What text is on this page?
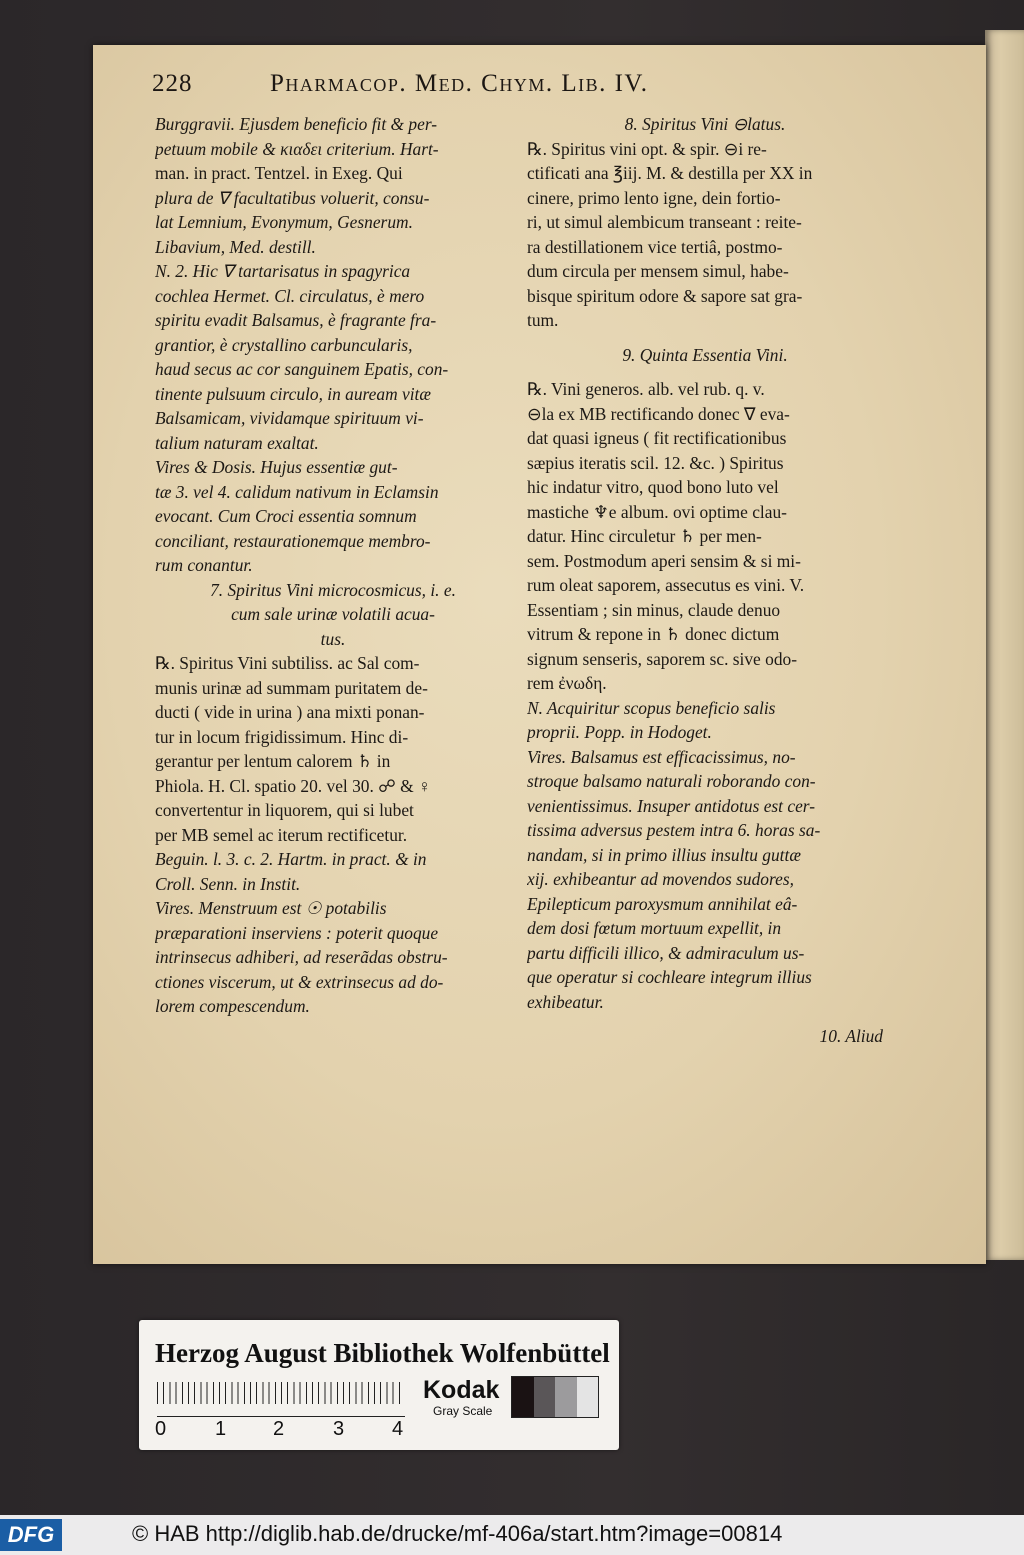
228	Pharmacop. Med. Chym. Lib. IV.
Burggravii. Ejusdem beneficio fit & per-
petuum mobile & κιαδει criterium. Hart-
man. in pract. Tentzel. in Exeg. Qui
plura de ∇ facultatibus voluerit, consu-
lat Lemnium, Evonymum, Gesnerum.
Libavium, Med. destill.
N. 2. Hic ∇ tartarisatus in spagyrica
cochlea Hermet. Cl. circulatus, è mero
spiritu evadit Balsamus, è fragrante fra-
grantior, è crystallino carbuncularis,
haud secus ac cor sanguinem Epatis, con-
tinente pulsuum circulo, in auream vitæ
Balsamicam, vividamque spirituum vi-
talium naturam exaltat.
Vires & Dosis. Hujus essentiæ gut-
tæ 3. vel 4. calidum nativum in Eclamsin
evocant. Cum Croci essentia somnum
conciliant, restaurationemque membro-
rum conantur.
7. Spiritus Vini microcosmicus, i. e.
cum sale urinæ volatili acua-
tus.
℞. Spiritus Vini subtiliss. ac Sal com-
munis urinæ ad summam puritatem de-
ducti ( vide in urina ) ana mixti ponan-
tur in locum frigidissimum. Hinc di-
gerantur per lentum calorem ♄ in
Phiola. H. Cl. spatio 20. vel 30. ☍ & ♀
convertentur in liquorem, qui si lubet
per MB semel ac iterum rectificetur.
Beguin. l. 3. c. 2. Hartm. in pract. & in
Croll. Senn. in Instit.
Vires. Menstruum est ☉ potabilis
præparationi inserviens : poterit quoque
intrinsecus adhiberi, ad reserãdas obstru-
ctiones viscerum, ut & extrinsecus ad do-
lorem compescendum.
8. Spiritus Vini ⊖latus.
℞. Spiritus vini opt. & spir. ⊖i re-
ctificati ana ℥iij. M. & destilla per XX in
cinere, primo lento igne, dein fortio-
ri, ut simul alembicum transeant : reite-
ra destillationem vice tertiâ, postmo-
dum circula per mensem simul, habe-
bisque spiritum odore & sapore sat gra-
tum.
9. Quinta Essentia Vini.
℞. Vini generos. alb. vel rub. q. v.
⊖la ex MB rectificando donec ∇ eva-
dat quasi igneus ( fit rectificationibus
sæpius iteratis scil. 12. &c. ) Spiritus
hic indatur vitro, quod bono luto vel
mastiche ♆e album. ovi optime clau-
datur. Hinc circuletur ♄ per men-
sem. Postmodum aperi sensim & si mi-
rum oleat saporem, assecutus es vini. V.
Essentiam ; sin minus, claude denuo
vitrum & repone in ♄ donec dictum
signum senseris, saporem sc. sive odo-
rem ἐνωδη.
N. Acquiritur scopus beneficio salis
proprii. Popp. in Hodoget.
Vires. Balsamus est efficacissimus, no-
stroque balsamo naturali roborando con-
venientissimus. Insuper antidotus est cer-
tissima adversus pestem intra 6. horas sa-
nandam, si in primo illius insultu guttæ
xij. exhibeantur ad movendos sudores,
Epilepticum paroxysmum annihilat eâ-
dem dosi fœtum mortuum expellit, in
partu difficili illico, & admiraculum us-
que operatur si cochleare integrum illius
exhibeatur.
10. Aliud
Herzog August Bibliothek Wolfenbüttel
0 1 2 3 4
Kodak
Gray Scale
DFG	© HAB http://diglib.hab.de/drucke/mf-406a/start.htm?image=00814
